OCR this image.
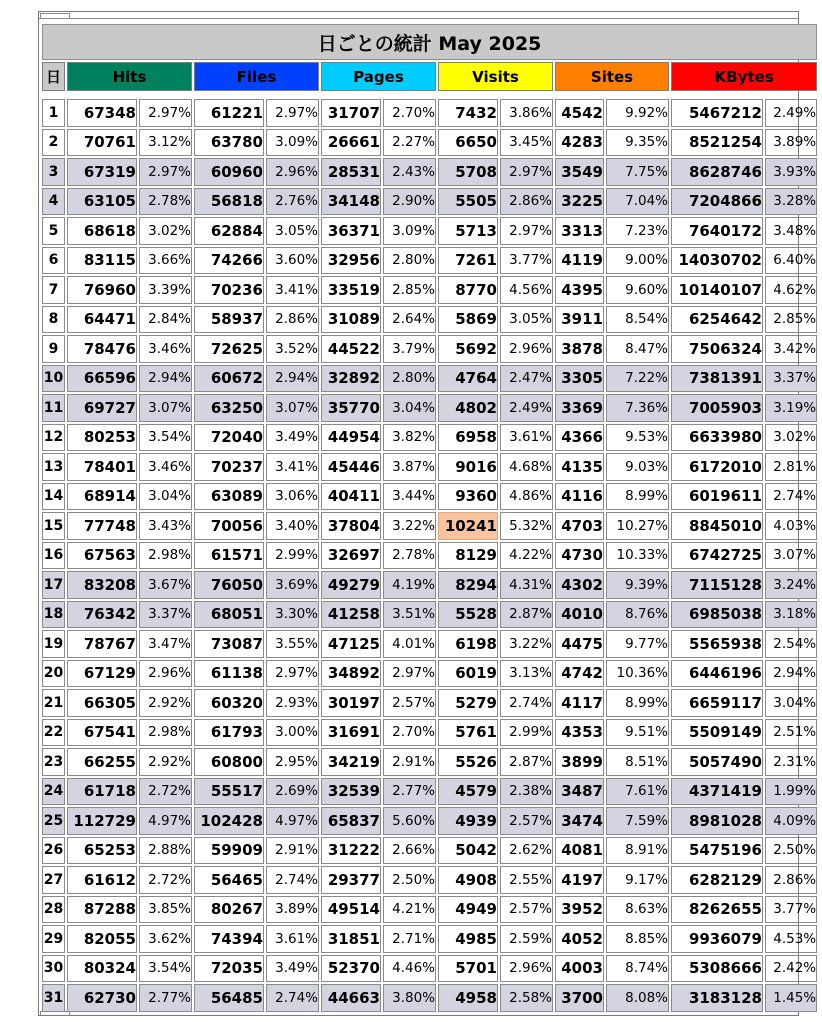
日ごとの統計 May 2025												
日	Hits		Files		Pages		Visits		Sites		KBytes	

1	67348	2.97%	61221	2.97%	31707	2.70%	7432	3.86%	4542	9.92%	5467212	2.49%
2	70761	3.12%	63780	3.09%	26661	2.27%	6650	3.45%	4283	9.35%	8521254	3.89%
3	67319	2.97%	60960	2.96%	28531	2.43%	5708	2.97%	3549	7.75%	8628746	3.93%
4	63105	2.78%	56818	2.76%	34148	2.90%	5505	2.86%	3225	7.04%	7204866	3.28%
5	68618	3.02%	62884	3.05%	36371	3.09%	5713	2.97%	3313	7.23%	7640172	3.48%
6	83115	3.66%	74266	3.60%	32956	2.80%	7261	3.77%	4119	9.00%	14030702	6.40%
7	76960	3.39%	70236	3.41%	33519	2.85%	8770	4.56%	4395	9.60%	10140107	4.62%
8	64471	2.84%	58937	2.86%	31089	2.64%	5869	3.05%	3911	8.54%	6254642	2.85%
9	78476	3.46%	72625	3.52%	44522	3.79%	5692	2.96%	3878	8.47%	7506324	3.42%
10	66596	2.94%	60672	2.94%	32892	2.80%	4764	2.47%	3305	7.22%	7381391	3.37%
11	69727	3.07%	63250	3.07%	35770	3.04%	4802	2.49%	3369	7.36%	7005903	3.19%
12	80253	3.54%	72040	3.49%	44954	3.82%	6958	3.61%	4366	9.53%	6633980	3.02%
13	78401	3.46%	70237	3.41%	45446	3.87%	9016	4.68%	4135	9.03%	6172010	2.81%
14	68914	3.04%	63089	3.06%	40411	3.44%	9360	4.86%	4116	8.99%	6019611	2.74%
15	77748	3.43%	70056	3.40%	37804	3.22%	10241	5.32%	4703	10.27%	8845010	4.03%
16	67563	2.98%	61571	2.99%	32697	2.78%	8129	4.22%	4730	10.33%	6742725	3.07%
17	83208	3.67%	76050	3.69%	49279	4.19%	8294	4.31%	4302	9.39%	7115128	3.24%
18	76342	3.37%	68051	3.30%	41258	3.51%	5528	2.87%	4010	8.76%	6985038	3.18%
19	78767	3.47%	73087	3.55%	47125	4.01%	6198	3.22%	4475	9.77%	5565938	2.54%
20	67129	2.96%	61138	2.97%	34892	2.97%	6019	3.13%	4742	10.36%	6446196	2.94%
21	66305	2.92%	60320	2.93%	30197	2.57%	5279	2.74%	4117	8.99%	6659117	3.04%
22	67541	2.98%	61793	3.00%	31691	2.70%	5761	2.99%	4353	9.51%	5509149	2.51%
23	66255	2.92%	60800	2.95%	34219	2.91%	5526	2.87%	3899	8.51%	5057490	2.31%
24	61718	2.72%	55517	2.69%	32539	2.77%	4579	2.38%	3487	7.61%	4371419	1.99%
25	112729	4.97%	102428	4.97%	65837	5.60%	4939	2.57%	3474	7.59%	8981028	4.09%
26	65253	2.88%	59909	2.91%	31222	2.66%	5042	2.62%	4081	8.91%	5475196	2.50%
27	61612	2.72%	56465	2.74%	29377	2.50%	4908	2.55%	4197	9.17%	6282129	2.86%
28	87288	3.85%	80267	3.89%	49514	4.21%	4949	2.57%	3952	8.63%	8262655	3.77%
29	82055	3.62%	74394	3.61%	31851	2.71%	4985	2.59%	4052	8.85%	9936079	4.53%
30	80324	3.54%	72035	3.49%	52370	4.46%	5701	2.96%	4003	8.74%	5308666	2.42%
31	62730	2.77%	56485	2.74%	44663	3.80%	4958	2.58%	3700	8.08%	3183128	1.45%
